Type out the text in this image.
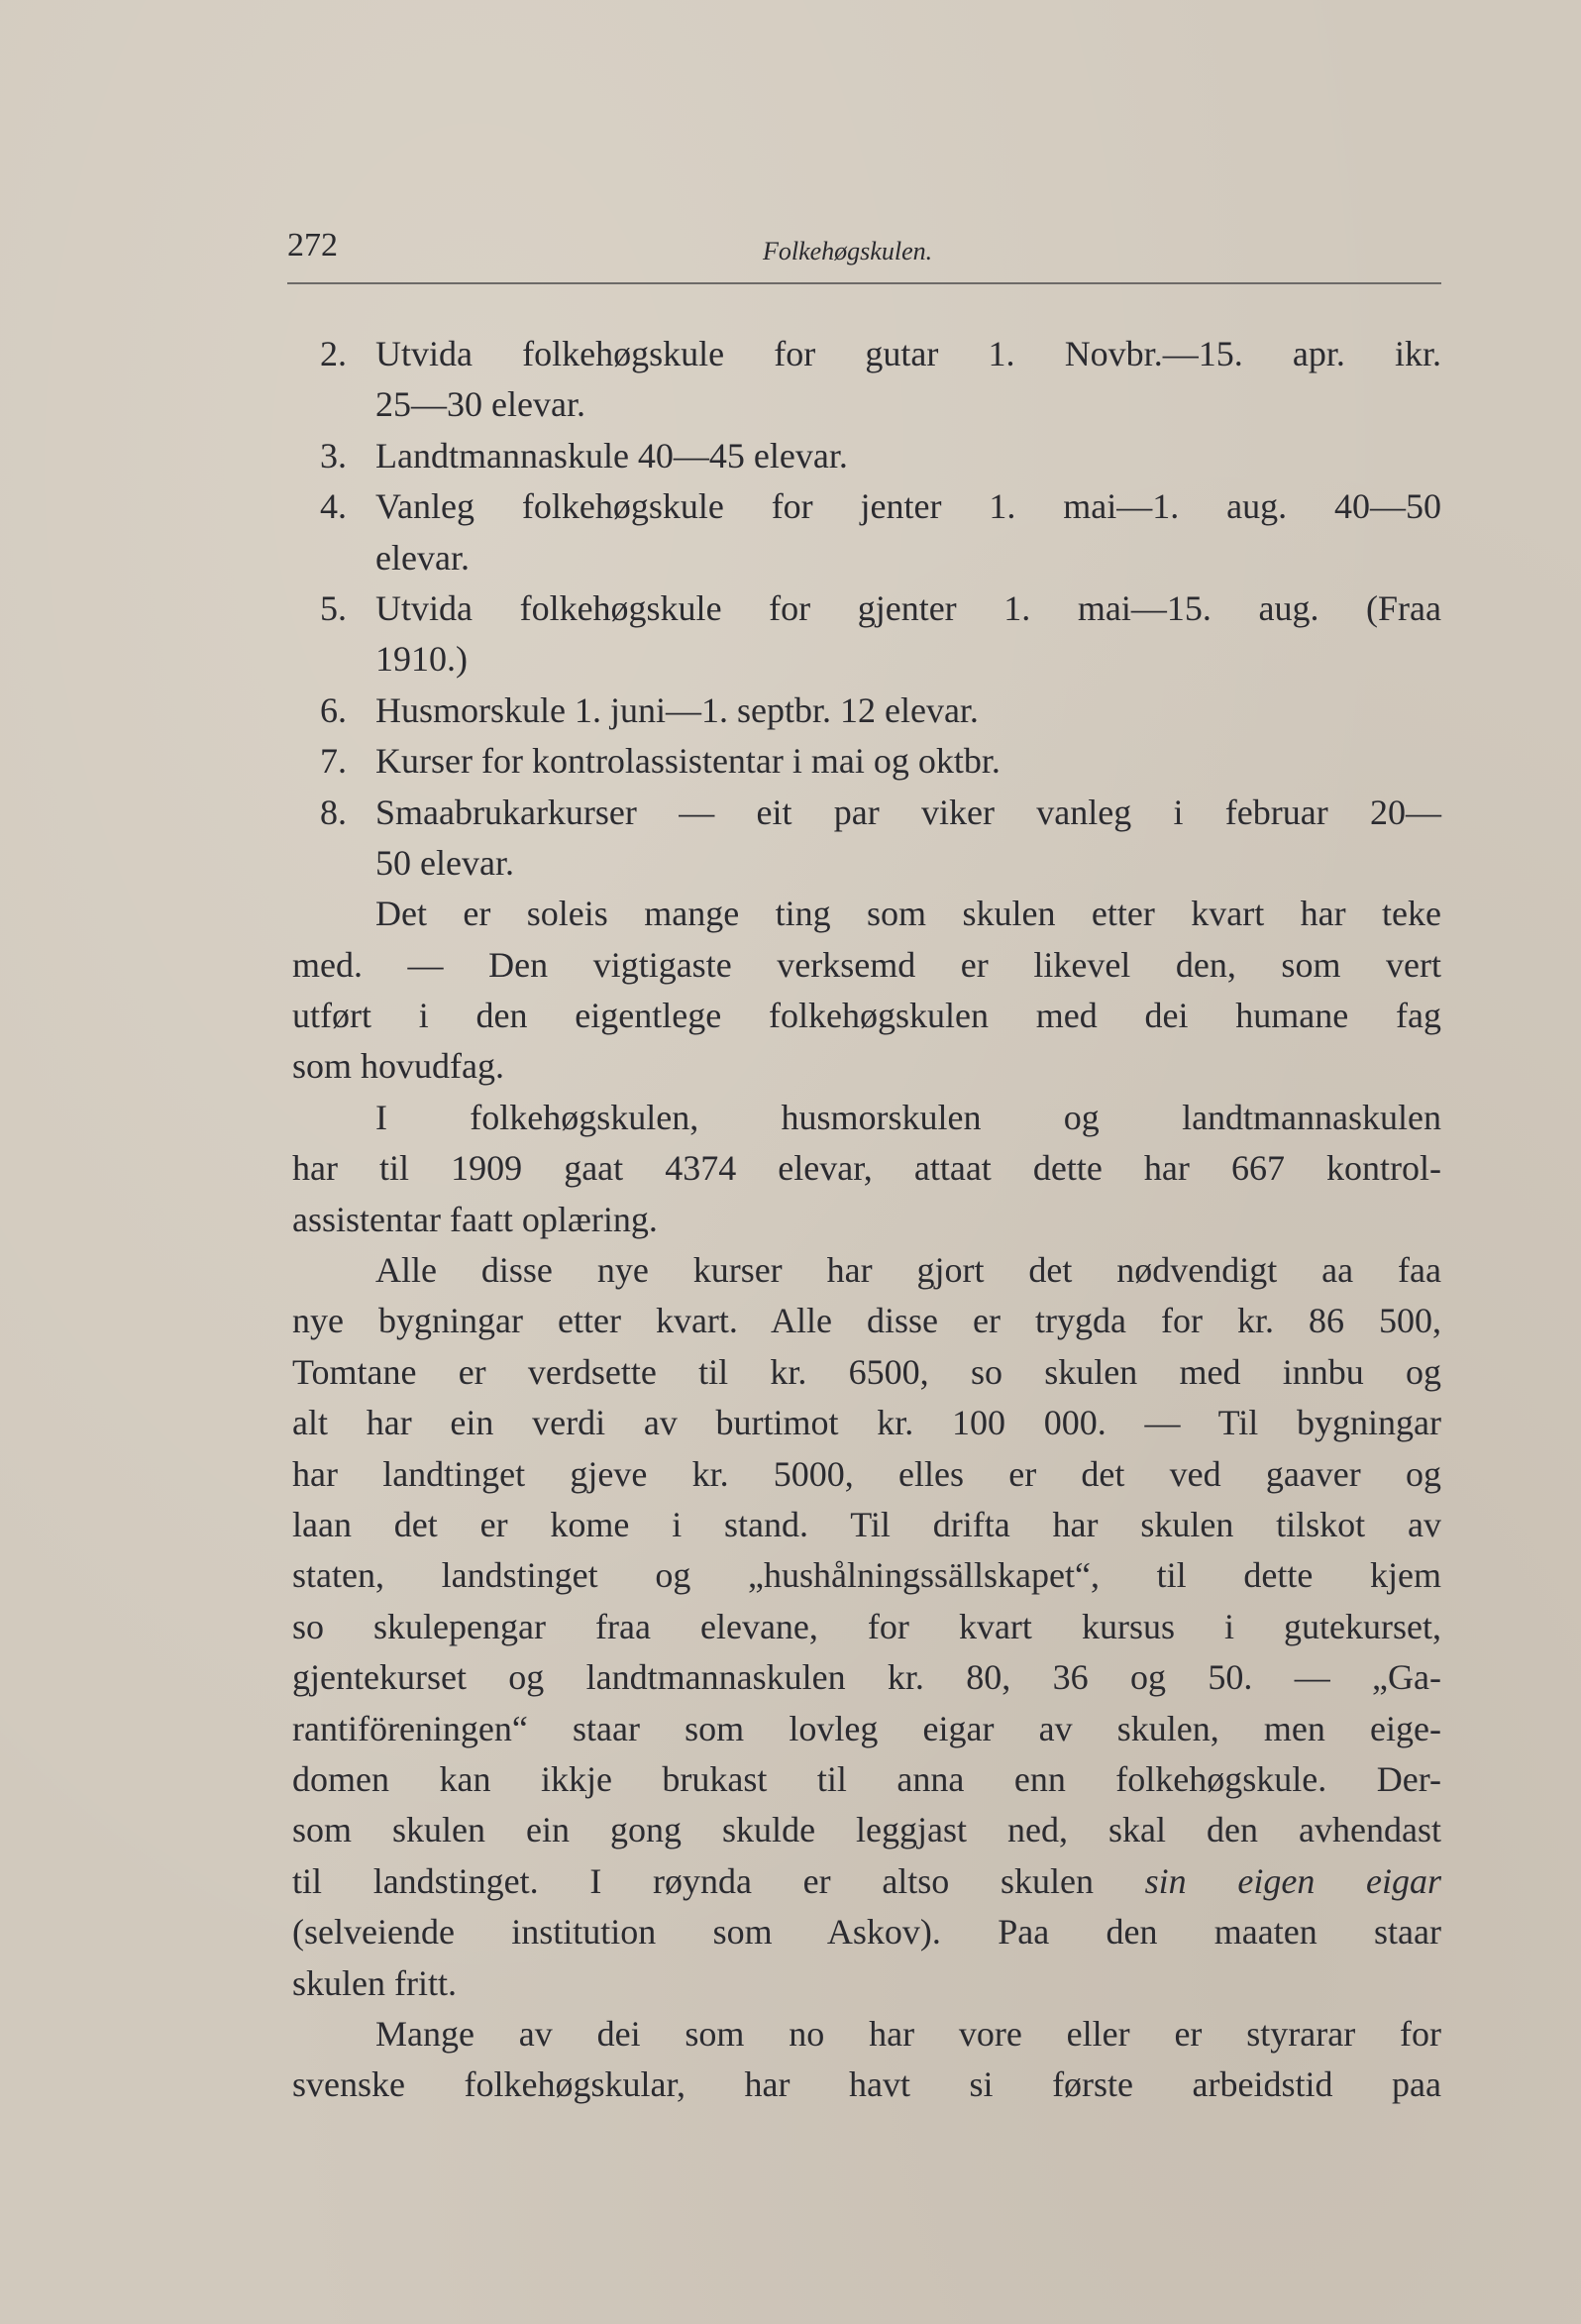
272	Folkehøgskulen.
2. Utvida folkehøgskule for gutar 1. Novbr.—15. apr. ikr.
25—30 elevar.
3. Landtmannaskule 40—45 elevar.
4. Vanleg folkehøgskule for jenter 1. mai—1. aug. 40—50
elevar.
5. Utvida folkehøgskule for gjenter 1. mai—15. aug. (Fraa
1910.)
6. Husmorskule 1. juni—1. septbr. 12 elevar.
7. Kurser for kontrolassistentar i mai og oktbr.
8. Smaabrukarkurser — eit par viker vanleg i februar 20—
50 elevar.
Det er soleis mange ting som skulen etter kvart har teke
med. — Den vigtigaste verksemd er likevel den, som vert
utført i den eigentlege folkehøgskulen med dei humane fag
som hovudfag.
I folkehøgskulen, husmorskulen og landtmannaskulen
har til 1909 gaat 4374 elevar, attaat dette har 667 kontrol-
assistentar faatt oplæring.
Alle disse nye kurser har gjort det nødvendigt aa faa
nye bygningar etter kvart. Alle disse er trygda for kr. 86 500,
Tomtane er verdsette til kr. 6500, so skulen med innbu og
alt har ein verdi av burtimot kr. 100 000. — Til bygningar
har landtinget gjeve kr. 5000, elles er det ved gaaver og
laan det er kome i stand. Til drifta har skulen tilskot av
staten, landstinget og „hushålningssällskapet“, til dette kjem
so skulepengar fraa elevane, for kvart kursus i gutekurset,
gjentekurset og landtmannaskulen kr. 80, 36 og 50. — „Ga-
rantiföreningen“ staar som lovleg eigar av skulen, men eige-
domen kan ikkje brukast til anna enn folkehøgskule. Der-
som skulen ein gong skulde leggjast ned, skal den avhendast
til landstinget. I røynda er altso skulen sin eigen eigar
(selveiende institution som Askov). Paa den maaten staar
skulen fritt.
Mange av dei som no har vore eller er styrarar for
svenske folkehøgskular, har havt si første arbeidstid paa
